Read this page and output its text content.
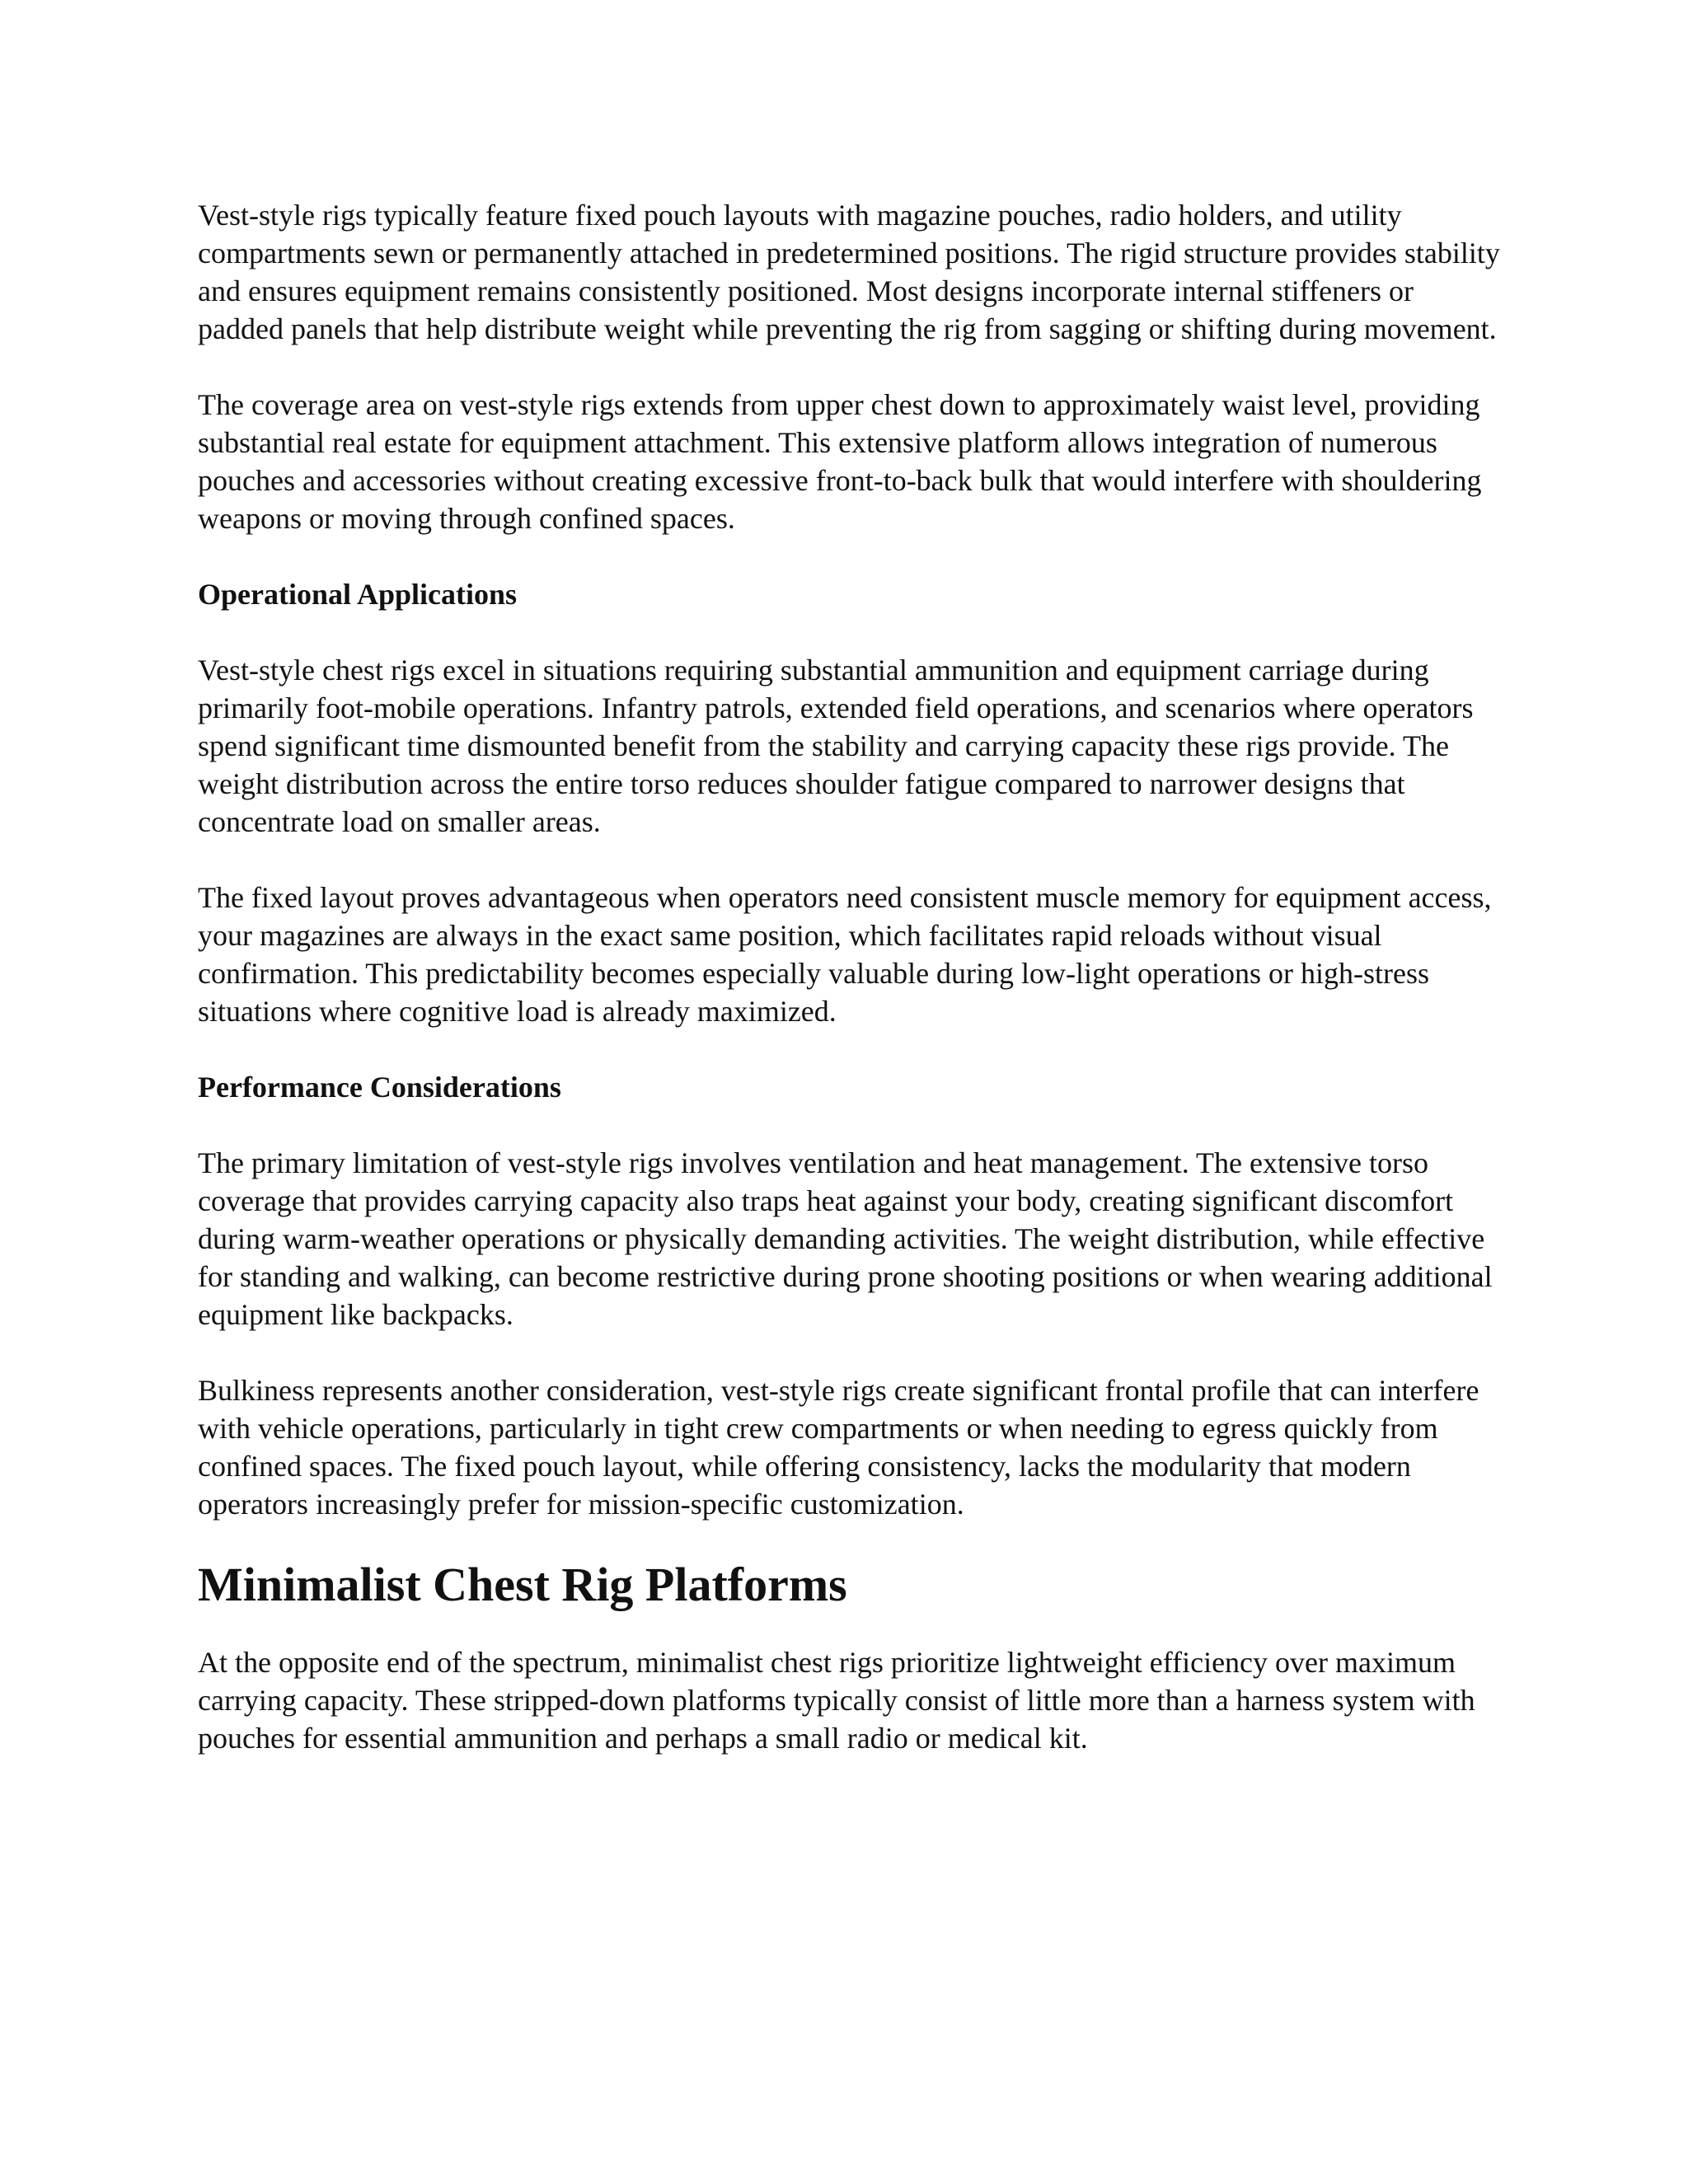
Vest-style rigs typically feature fixed pouch layouts with magazine pouches, radio holders, and utility compartments sewn or permanently attached in predetermined positions. The rigid structure provides stability and ensures equipment remains consistently positioned. Most designs incorporate internal stiffeners or padded panels that help distribute weight while preventing the rig from sagging or shifting during movement.

The coverage area on vest-style rigs extends from upper chest down to approximately waist level, providing substantial real estate for equipment attachment. This extensive platform allows integration of numerous pouches and accessories without creating excessive front-to-back bulk that would interfere with shouldering weapons or moving through confined spaces.

Operational Applications

Vest-style chest rigs excel in situations requiring substantial ammunition and equipment carriage during primarily foot-mobile operations. Infantry patrols, extended field operations, and scenarios where operators spend significant time dismounted benefit from the stability and carrying capacity these rigs provide. The weight distribution across the entire torso reduces shoulder fatigue compared to narrower designs that concentrate load on smaller areas.

The fixed layout proves advantageous when operators need consistent muscle memory for equipment access, your magazines are always in the exact same position, which facilitates rapid reloads without visual confirmation. This predictability becomes especially valuable during low-light operations or high-stress situations where cognitive load is already maximized.

Performance Considerations

The primary limitation of vest-style rigs involves ventilation and heat management. The extensive torso coverage that provides carrying capacity also traps heat against your body, creating significant discomfort during warm-weather operations or physically demanding activities. The weight distribution, while effective for standing and walking, can become restrictive during prone shooting positions or when wearing additional equipment like backpacks.

Bulkiness represents another consideration, vest-style rigs create significant frontal profile that can interfere with vehicle operations, particularly in tight crew compartments or when needing to egress quickly from confined spaces. The fixed pouch layout, while offering consistency, lacks the modularity that modern operators increasingly prefer for mission-specific customization.

Minimalist Chest Rig Platforms

At the opposite end of the spectrum, minimalist chest rigs prioritize lightweight efficiency over maximum carrying capacity. These stripped-down platforms typically consist of little more than a harness system with pouches for essential ammunition and perhaps a small radio or medical kit.
